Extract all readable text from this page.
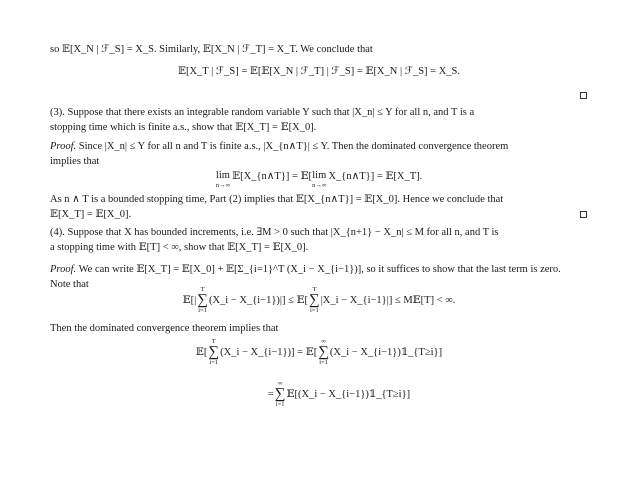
so 𝔼[X_N | ℱ_S] = X_S. Similarly, 𝔼[X_N | ℱ_T] = X_T. We conclude that
𝔼[X_T | ℱ_S] = 𝔼[𝔼[X_N | ℱ_T] | ℱ_S] = 𝔼[X_N | ℱ_S] = X_S.
(3). Suppose that there exists an integrable random variable Y such that |X_n| ≤ Y for all n, and T is a
stopping time which is finite a.s., show that 𝔼[X_T] = 𝔼[X_0].
Proof. Since |X_n| ≤ Y for all n and T is finite a.s., |X_{n∧T}| ≤ Y. Then the dominated convergence theorem
implies that
lim
n→∞
𝔼[X_{n∧T}] = 𝔼[lim
n→∞
X_{n∧T}] = 𝔼[X_T].
As n ∧ T is a bounded stopping time, Part (2) implies that 𝔼[X_{n∧T}] = 𝔼[X_0]. Hence we conclude that
𝔼[X_T] = 𝔼[X_0].
(4). Suppose that X has bounded increments, i.e. ∃M > 0 such that |X_{n+1} − X_n| ≤ M for all n, and T is
a stopping time with 𝔼[T] < ∞, show that 𝔼[X_T] = 𝔼[X_0].
Proof. We can write 𝔼[X_T] = 𝔼[X_0] + 𝔼[Σ_{i=1}^T (X_i − X_{i−1})], so it suffices to show that the last term is zero.
Note that
𝔼[|
T
∑
i=1
(X_i − X_{i−1})|] ≤ 𝔼[
T
∑
i=1
|X_i − X_{i−1}|] ≤ M𝔼[T] < ∞.
Then the dominated convergence theorem implies that
𝔼[
T
∑
i=1
(X_i − X_{i−1})] = 𝔼[
∞
∑
i=1
(X_i − X_{i−1})𝟙_{T≥i}]
=
∞
∑
i=1
𝔼[(X_i − X_{i−1})𝟙_{T≥i}]
